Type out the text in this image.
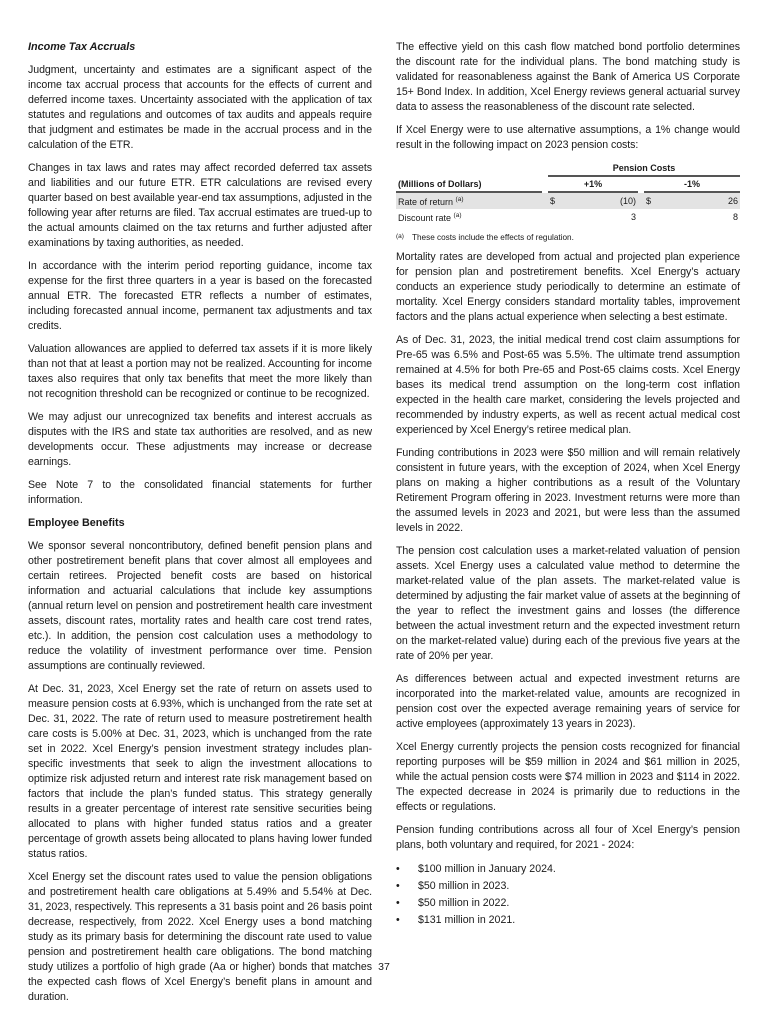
Income Tax Accruals

Judgment, uncertainty and estimates are a significant aspect of the income tax accrual process that accounts for the effects of current and deferred income taxes. Uncertainty associated with the application of tax statutes and regulations and outcomes of tax audits and appeals require that judgment and estimates be made in the accrual process and in the calculation of the ETR.

Changes in tax laws and rates may affect recorded deferred tax assets and liabilities and our future ETR. ETR calculations are revised every quarter based on best available year-end tax assumptions, adjusted in the following year after returns are filed. Tax accrual estimates are trued-up to the actual amounts claimed on the tax returns and further adjusted after examinations by taxing authorities, as needed.

In accordance with the interim period reporting guidance, income tax expense for the first three quarters in a year is based on the forecasted annual ETR. The forecasted ETR reflects a number of estimates, including forecasted annual income, permanent tax adjustments and tax credits.

Valuation allowances are applied to deferred tax assets if it is more likely than not that at least a portion may not be realized. Accounting for income taxes also requires that only tax benefits that meet the more likely than not recognition threshold can be recognized or continue to be recognized.

We may adjust our unrecognized tax benefits and interest accruals as disputes with the IRS and state tax authorities are resolved, and as new developments occur. These adjustments may increase or decrease earnings.

See Note 7 to the consolidated financial statements for further information.

Employee Benefits

We sponsor several noncontributory, defined benefit pension plans and other postretirement benefit plans that cover almost all employees and certain retirees. Projected benefit costs are based on historical information and actuarial calculations that include key assumptions (annual return level on pension and postretirement health care investment assets, discount rates, mortality rates and health care cost trend rates, etc.). In addition, the pension cost calculation uses a methodology to reduce the volatility of investment performance over time. Pension assumptions are continually reviewed.

At Dec. 31, 2023, Xcel Energy set the rate of return on assets used to measure pension costs at 6.93%, which is unchanged from the rate set at Dec. 31, 2022. The rate of return used to measure postretirement health care costs is 5.00% at Dec. 31, 2023, which is unchanged from the rate set in 2022. Xcel Energy’s pension investment strategy includes plan-specific investments that seek to align the investment allocations to optimize risk adjusted return and interest rate risk management based on factors that include the plan’s funded status. This strategy generally results in a greater percentage of interest rate sensitive securities being allocated to plans with higher funded status ratios and a greater percentage of growth assets being allocated to plans having lower funded status ratios.

Xcel Energy set the discount rates used to value the pension obligations and postretirement health care obligations at 5.49% and 5.54% at Dec. 31, 2023, respectively. This represents a 31 basis point and 26 basis point decrease, respectively, from 2022. Xcel Energy uses a bond matching study as its primary basis for determining the discount rate used to value pension and postretirement health care obligations. The bond matching study utilizes a portfolio of high grade (Aa or higher) bonds that matches the expected cash flows of Xcel Energy’s benefit plans in amount and duration.

The effective yield on this cash flow matched bond portfolio determines the discount rate for the individual plans. The bond matching study is validated for reasonableness against the Bank of America US Corporate 15+ Bond Index. In addition, Xcel Energy reviews general actuarial survey data to assess the reasonableness of the discount rate selected.

If Xcel Energy were to use alternative assumptions, a 1% change would result in the following impact on 2023 pension costs:

		Pension Costs				
(Millions of Dollars)		+1%			-1%	
Rate of return $^{(a)}$		$	(10)		$	26
Discount rate $^{(a)}$			3			8
(a) These costs include the effects of regulation.

Mortality rates are developed from actual and projected plan experience for pension plan and postretirement benefits. Xcel Energy’s actuary conducts an experience study periodically to determine an estimate of mortality. Xcel Energy considers standard mortality tables, improvement factors and the plans actual experience when selecting a best estimate.

As of Dec. 31, 2023, the initial medical trend cost claim assumptions for Pre-65 was 6.5% and Post-65 was 5.5%. The ultimate trend assumption remained at 4.5% for both Pre-65 and Post-65 claims costs. Xcel Energy bases its medical trend assumption on the long-term cost inflation expected in the health care market, considering the levels projected and recommended by industry experts, as well as recent actual medical cost experienced by Xcel Energy’s retiree medical plan.

Funding contributions in 2023 were $50 million and will remain relatively consistent in future years, with the exception of 2024, when Xcel Energy plans on making a higher contributions as a result of the Voluntary Retirement Program offering in 2023. Investment returns were more than the assumed levels in 2023 and 2021, but were less than the assumed levels in 2022.

The pension cost calculation uses a market-related valuation of pension assets. Xcel Energy uses a calculated value method to determine the market-related value of the plan assets. The market-related value is determined by adjusting the fair market value of assets at the beginning of the year to reflect the investment gains and losses (the difference between the actual investment return and the expected investment return on the market-related value) during each of the previous five years at the rate of 20% per year.

As differences between actual and expected investment returns are incorporated into the market-related value, amounts are recognized in pension cost over the expected average remaining years of service for active employees (approximately 13 years in 2023).

Xcel Energy currently projects the pension costs recognized for financial reporting purposes will be $59 million in 2024 and $61 million in 2025, while the actual pension costs were $74 million in 2023 and $114 in 2022. The expected decrease in 2024 is primarily due to reductions in the effects or regulations.

Pension funding contributions across all four of Xcel Energy’s pension plans, both voluntary and required, for 2021 - 2024:

•	$100 million in January 2024.
•	$50 million in 2023.
•	$50 million in 2022.
•	$131 million in 2021.
37
